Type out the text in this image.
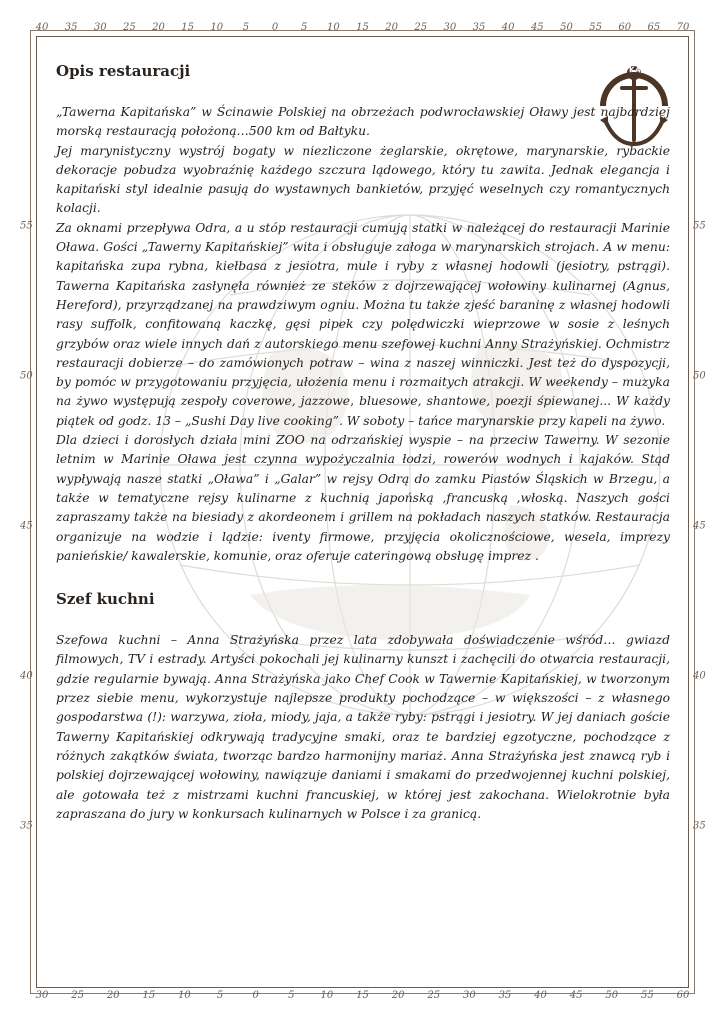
40 35 30 25 20 15 10 5 0 5 10 15 20 25 30 35 40 45 50 55 60 65 70
30 25 20 15 10	5	0	5	10 15 20 25 30 35 40 45 50 55 60
55
50
45
40
35
55
50
45
40
35
TAWERNA KAPITAŃSKA
Opis restauracji

„Tawerna Kapitańska” w Ścinawie Polskiej na obrzeżach podwrocławskiej Oławy jest najbardziej morską restauracją położoną…500 km od Bałtyku.

Jej marynistyczny wystrój bogaty w niezliczone żeglarskie, okrętowe, marynarskie, rybackie dekoracje pobudza wyobraźnię każdego szczura lądowego, który tu zawita. Jednak elegancja i kapitański styl idealnie pasują do wystawnych bankietów, przyjęć weselnych czy romantycznych kolacji.

Za oknami przepływa Odra, a u stóp restauracji cumują statki w należącej do restauracji Marinie Oława. Gości „Tawerny Kapitańskiej” wita i obsługuje załoga w marynarskich strojach. A w menu: kapitańska zupa rybna, kiełbasa z jesiotra, mule i ryby z własnej hodowli (jesiotry, pstrągi). Tawerna Kapitańska zasłynęła również ze steków z dojrzewającej wołowiny kulinarnej (Agnus, Hereford), przyrządzanej na prawdziwym ogniu. Można tu także zjeść baraninę z własnej hodowli rasy suffolk, confitowaną kaczkę, gęsi pipek czy polędwiczki wieprzowe w sosie z leśnych grzybów oraz wiele innych dań z autorskiego menu szefowej kuchni Anny Strażyńskiej. Ochmistrz restauracji dobierze – do zamówionych potraw – wina z naszej winniczki. Jest też do dyspozycji, by pomóc w przygotowaniu przyjęcia, ułożenia menu i rozmaitych atrakcji. W weekendy – muzyka na żywo występują zespoły coverowe, jazzowe, bluesowe, shantowe, poezji śpiewanej... W każdy piątek od godz. 13 – „Sushi Day live cooking”. W soboty – tańce marynarskie przy kapeli na żywo.

Dla dzieci i dorosłych działa mini ZOO na odrzańskiej wyspie – na przeciw Tawerny. W sezonie letnim w Marinie Oława jest czynna wypożyczalnia łodzi, rowerów wodnych i kajaków. Stąd wypływają nasze statki „Oława” i „Galar” w rejsy Odrą do zamku Piastów Śląskich w Brzegu, a także w tematyczne rejsy kulinarne z kuchnią japońską ,francuską ,włoską. Naszych gości zapraszamy także na biesiady z akordeonem i grillem na pokładach naszych statków. Restauracja organizuje na wodzie i lądzie: iventy firmowe, przyjęcia okolicznościowe, wesela, imprezy panieńskie/ kawalerskie, komunie, oraz oferuje cateringową obsługę imprez .

Szef kuchni

Szefowa kuchni – Anna Strażyńska przez lata zdobywała doświadczenie wśród… gwiazd filmowych, TV i estrady. Artyści pokochali jej kulinarny kunszt i zachęcili do otwarcia restauracji, gdzie regularnie bywają. Anna Strażyńska jako Chef Cook w Tawernie Kapitańskiej, w tworzonym przez siebie menu, wykorzystuje najlepsze produkty pochodzące – w większości – z własnego gospodarstwa (!): warzywa, zioła, miody, jaja, a także ryby: pstrągi i jesiotry. W jej daniach goście Tawerny Kapitańskiej odkrywają tradycyjne smaki, oraz te bardziej egzotyczne, pochodzące z różnych zakątków świata, tworząc bardzo harmonijny mariaż. Anna Strażyńska jest znawcą ryb i polskiej dojrzewającej wołowiny, nawiązuje daniami i smakami do przedwojennej kuchni polskiej, ale gotowała też z mistrzami kuchni francuskiej, w której jest zakochana. Wielokrotnie była zapraszana do jury w konkursach kulinarnych w Polsce i za granicą.
